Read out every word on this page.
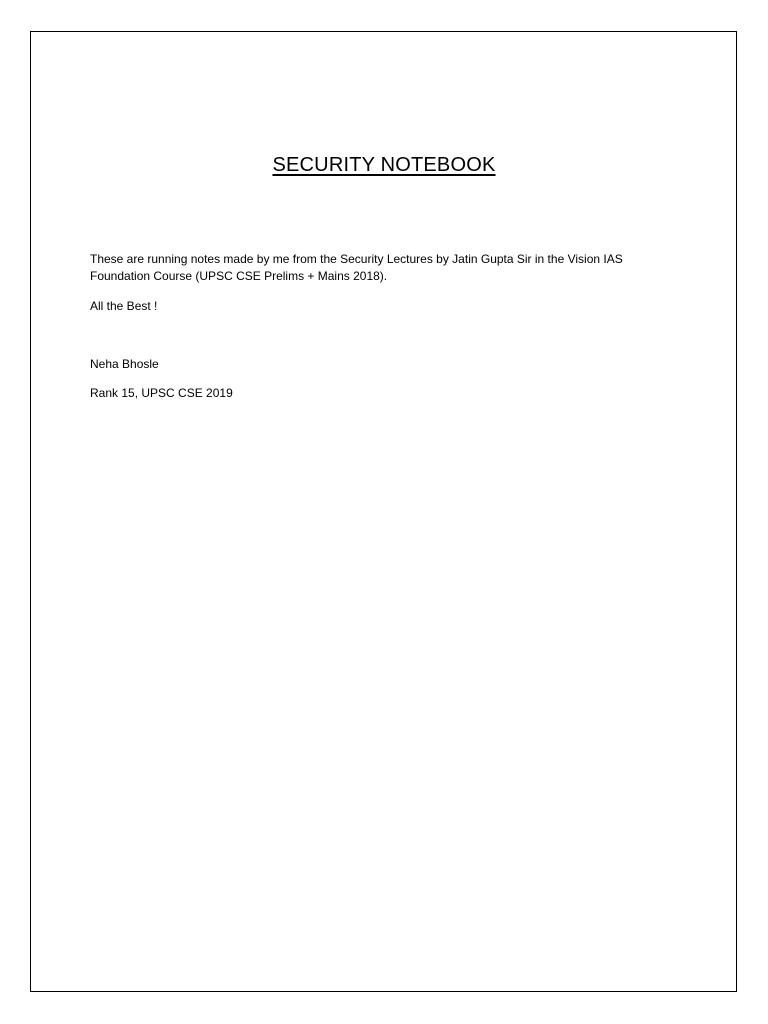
SECURITY NOTEBOOK
These are running notes made by me from the Security Lectures by Jatin Gupta Sir in the Vision IAS
Foundation Course (UPSC CSE Prelims + Mains 2018).
All the Best !
Neha Bhosle
Rank 15, UPSC CSE 2019
